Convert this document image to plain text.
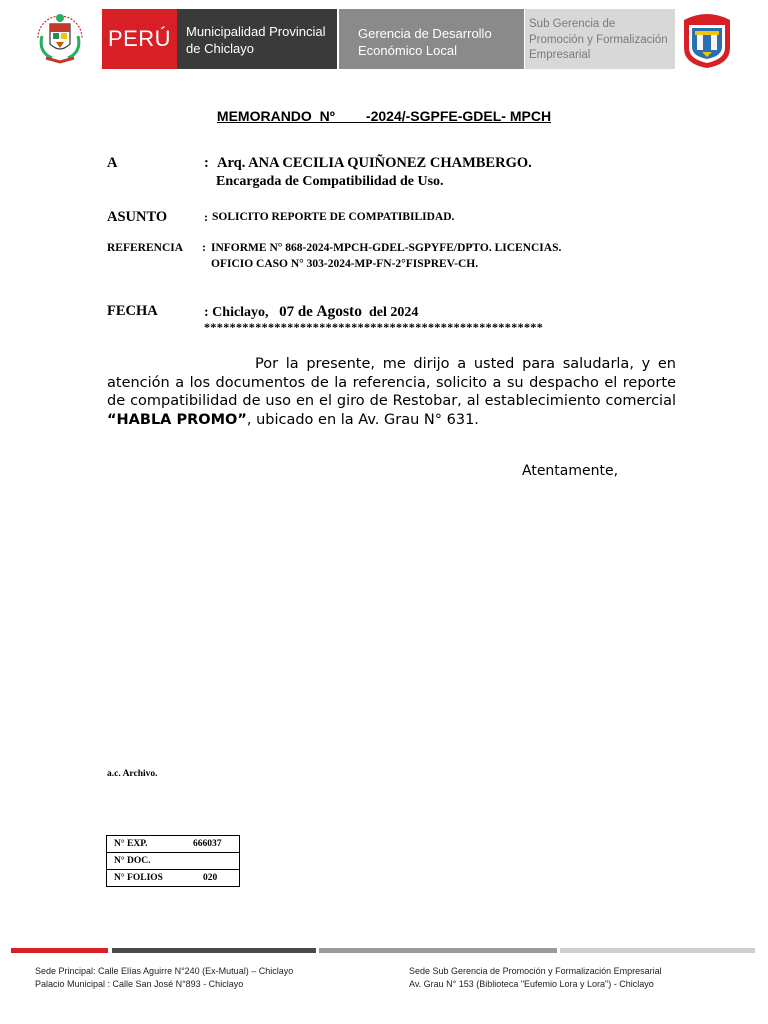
PERÚ Municipalidad Provincial
de Chiclayo
Gerencia de Desarrollo
Económico Local
Sub Gerencia de
Promoción y Formalización
Empresarial
MEMORANDO  Nº        -2024/-SGPFE-GDEL- MPCH
A	: Arq. ANA CECILIA QUIÑONEZ CHAMBERGO.
Encargada de Compatibilidad de Uso.
ASUNTO	: SOLICITO REPORTE DE COMPATIBILIDAD.
REFERENCIA : INFORME N° 868-2024-MPCH-GDEL-SGPYFE/DPTO. LICENCIAS.
OFICIO CASO N° 303-2024-MP-FN-2°FISPREV-CH.
FECHA	: Chiclayo, 07 de Agosto del 2024
*****************************************************
Por la presente, me dirijo a usted para saludarla, y en atención a los documentos de la referencia, solicito a su despacho el reporte de compatibilidad de uso en el giro de Restobar, al establecimiento comercial “HABLA PROMO”, ubicado en la Av. Grau N° 631.
Atentamente,
a.c. Archivo.
N° EXP.	666037
N° DOC.
N° FOLIOS	020
Sede Principal: Calle Elías Aguirre N°240 (Ex-Mutual) – Chiclayo
Palacio Municipal : Calle San José N°893 - Chiclayo
Sede Sub Gerencia de Promoción y Formalización Empresarial
Av. Grau N° 153 (Biblioteca "Eufemio Lora y Lora") - Chiclayo
